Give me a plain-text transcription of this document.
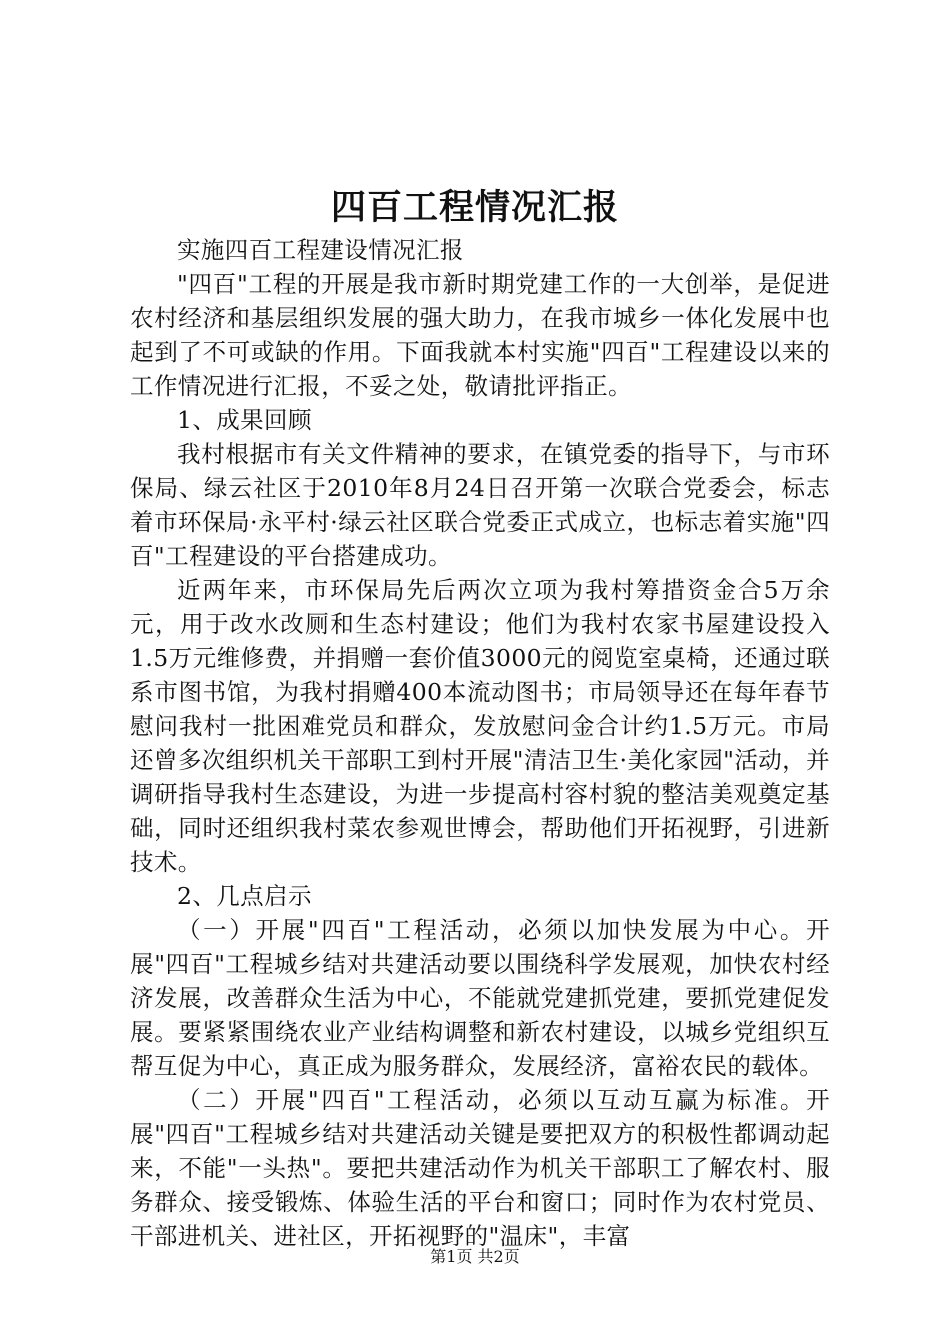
四百工程情况汇报

实施四百工程建设情况汇报

"四百"工程的开展是我市新时期党建工作的一大创举，是促进农村经济和基层组织发展的强大助力，在我市城乡一体化发展中也起到了不可或缺的作用。下面我就本村实施"四百"工程建设以来的工作情况进行汇报，不妥之处，敬请批评指正。

1、成果回顾

我村根据市有关文件精神的要求，在镇党委的指导下，与市环保局、绿云社区于2010年8月24日召开第一次联合党委会，标志着市环保局·永平村·绿云社区联合党委正式成立，也标志着实施"四百"工程建设的平台搭建成功。

近两年来，市环保局先后两次立项为我村筹措资金合5万余元，用于改水改厕和生态村建设；他们为我村农家书屋建设投入1.5万元维修费，并捐赠一套价值3000元的阅览室桌椅，还通过联系市图书馆，为我村捐赠400本流动图书；市局领导还在每年春节慰问我村一批困难党员和群众，发放慰问金合计约1.5万元。市局还曾多次组织机关干部职工到村开展"清洁卫生·美化家园"活动，并调研指导我村生态建设，为进一步提高村容村貌的整洁美观奠定基础，同时还组织我村菜农参观世博会，帮助他们开拓视野，引进新技术。

2、几点启示

（一）开展"四百"工程活动，必须以加快发展为中心。开展"四百"工程城乡结对共建活动要以围绕科学发展观，加快农村经济发展，改善群众生活为中心，不能就党建抓党建，要抓党建促发展。要紧紧围绕农业产业结构调整和新农村建设，以城乡党组织互帮互促为中心，真正成为服务群众，发展经济，富裕农民的载体。

（二）开展"四百"工程活动，必须以互动互赢为标准。开展"四百"工程城乡结对共建活动关键是要把双方的积极性都调动起来，不能"一头热"。要把共建活动作为机关干部职工了解农村、服务群众、接受锻炼、体验生活的平台和窗口；同时作为农村党员、干部进机关、进社区，开拓视野的"温床"，丰富

第1页 共2页
